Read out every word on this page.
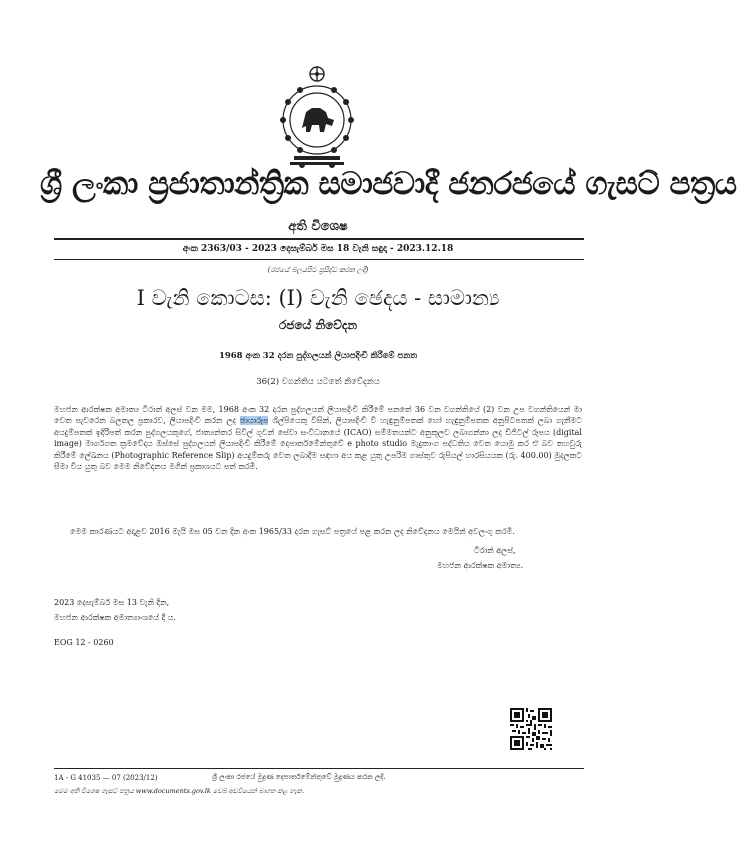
ශ්‍රී ලංකා ප්‍රජාතාන්ත්‍රික සමාජවාදී ජනරජයේ ගැසට් පත්‍රය
අති විශෙෂ
අංක 2363/03 - 2023 දෙසැම්බර් මස 18 වැනි සඳුදා - 2023.12.18
(රජයේ බලයපිට ප්‍රසිද්ධ කරන ලදී)
I වැනි කොටස: (I) වැනි ඡෙදය - සාමාන්‍ය
රජයේ නිවේදන
1968 අංක 32 දරන පුද්ගලයන් ලියාපදිංචි කිරීමේ පනත
36(2) වගන්තිය යටතේ නිවේදනය
මහජන ආරක්ෂක අමාත්‍ය ටිරාන් අලස් වන මම, 1968 අංක 32 දරන පුද්ගලයන් ලියාපදිංචි කිරීමේ පනතේ 36 වන වගන්තියේ (2) වන උප වගන්තියෙන් මා වෙත පැවරෙන බලතල ප්‍රකාරව, ලියාපදිංචි කරන ලද ඡායාරූප ශිල්පියෙකු විසින්, ලියාපදිංචි වී හැඳුනුම්පතක් හෝ හැඳුනුම්පතක අනුපිටපතක් ලබා ගැනීමට අයදුම්පතක් ඉදිරිපත් කරන පුද්ගලයකුගේ, ජාත්‍යන්තර සිවිල් ගුවන් සේවා සංවිධානයේ (ICAO) සම්මතයන්ට අනුකූලව ලබාගන්නා ලද ඩිජිටල් රූපය (digital image) මාර්ගගත ක්‍රමවේදය ඔස්සේ පුද්ගලයන් ලියාපදිංචි කිරීමේ දෙපාර්තමේන්තුවේ e photo studio මැදුකාංග පද්ධතිය වෙත යොමු කර ඒ බව තහවුරු කිරීමේ ලේඛනය (Photographic Reference Slip) අයදුම්කරු වෙත ලබාදීම සඳහා අය කළ යුතු උපරිම ගාස්තුව රුපියල් හාරසියයක (රු. 400.00) මුදලකට සීමා විය යුතු බව මෙම නිවේදනය මගින් ප්‍රකාශයට පත් කරමි.
මෙම කාරණයට අදාළව 2016 මැයි මස 05 වන දින අංක 1965/33 දරන ගැසට් පත්‍රයේ පළ කරන ලද නිවේදනය මෙයින් අවලංගු කරමි.
ටිරාන් අලස්,
මහජන ආරක්ෂක අමාත්‍ය.
2023 දෙසැම්බර් මස 13 වැනි දින,
මහජන ආරක්ෂක අමාත්‍යාංශයේ දී ය.
EOG 12 - 0260
1A - G 41035 — 07 (2023/12)	ශ්‍රී ලංකා රජයේ මුද්‍රණ දෙපාර්තමේන්තුවේ මුද්‍රණය කරන ලදී.
මෙම අති විශෙෂ ගැසට් පත්‍රය www.documents.gov.lk වෙබ් අඩවියෙන් බාගත කළ හැක.
